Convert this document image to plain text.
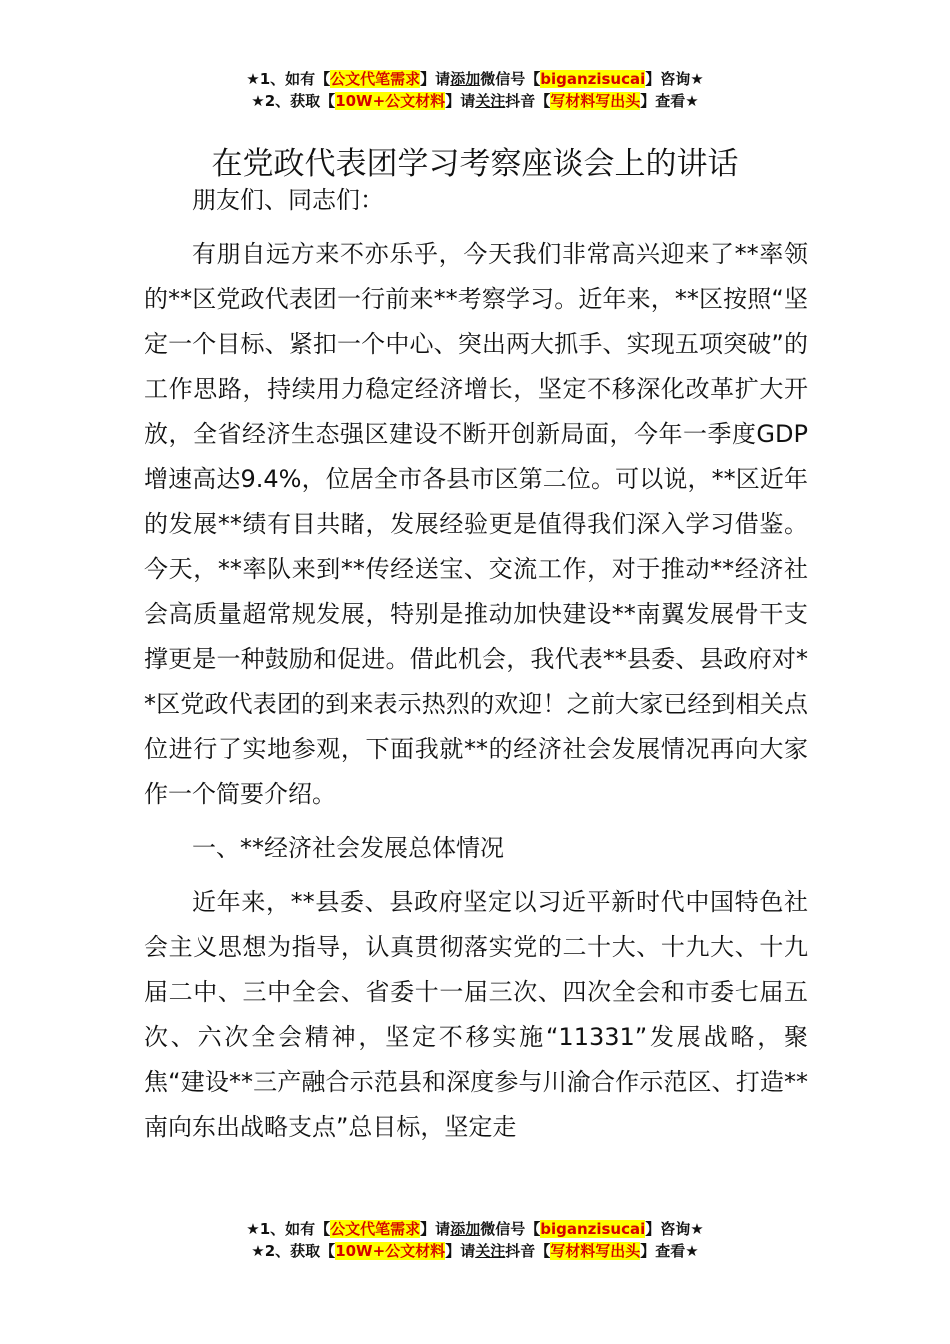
★1、如有【公文代笔需求】请添加微信号【biganzisucai】咨询★
★2、获取【10W+公文材料】请关注抖音【写材料写出头】查看★
在党政代表团学习考察座谈会上的讲话

朋友们、同志们：

有朋自远方来不亦乐乎，今天我们非常高兴迎来了**率领的**区党政代表团一行前来**考察学习。近年来，**区按照“坚定一个目标、紧扣一个中心、突出两大抓手、实现五项突破”的工作思路，持续用力稳定经济增长，坚定不移深化改革扩大开放，全省经济生态强区建设不断开创新局面，今年一季度GDP增速高达9.4%，位居全市各县市区第二位。可以说，**区近年的发展**绩有目共睹，发展经验更是值得我们深入学习借鉴。今天，**率队来到**传经送宝、交流工作，对于推动**经济社会高质量超常规发展，特别是推动加快建设**南翼发展骨干支撑更是一种鼓励和促进。借此机会，我代表**县委、县政府对**区党政代表团的到来表示热烈的欢迎！之前大家已经到相关点位进行了实地参观，下面我就**的经济社会发展情况再向大家作一个简要介绍。

一、**经济社会发展总体情况

近年来，**县委、县政府坚定以习近平新时代中国特色社会主义思想为指导，认真贯彻落实党的二十大、十九大、十九届二中、三中全会、省委十一届三次、四次全会和市委七届五次、六次全会精神，坚定不移实施“11331”发展战略，聚焦“建设**三产融合示范县和深度参与川渝合作示范区、打造**南向东出战略支点”总目标，坚定走

★1、如有【公文代笔需求】请添加微信号【biganzisucai】咨询★
★2、获取【10W+公文材料】请关注抖音【写材料写出头】查看★
